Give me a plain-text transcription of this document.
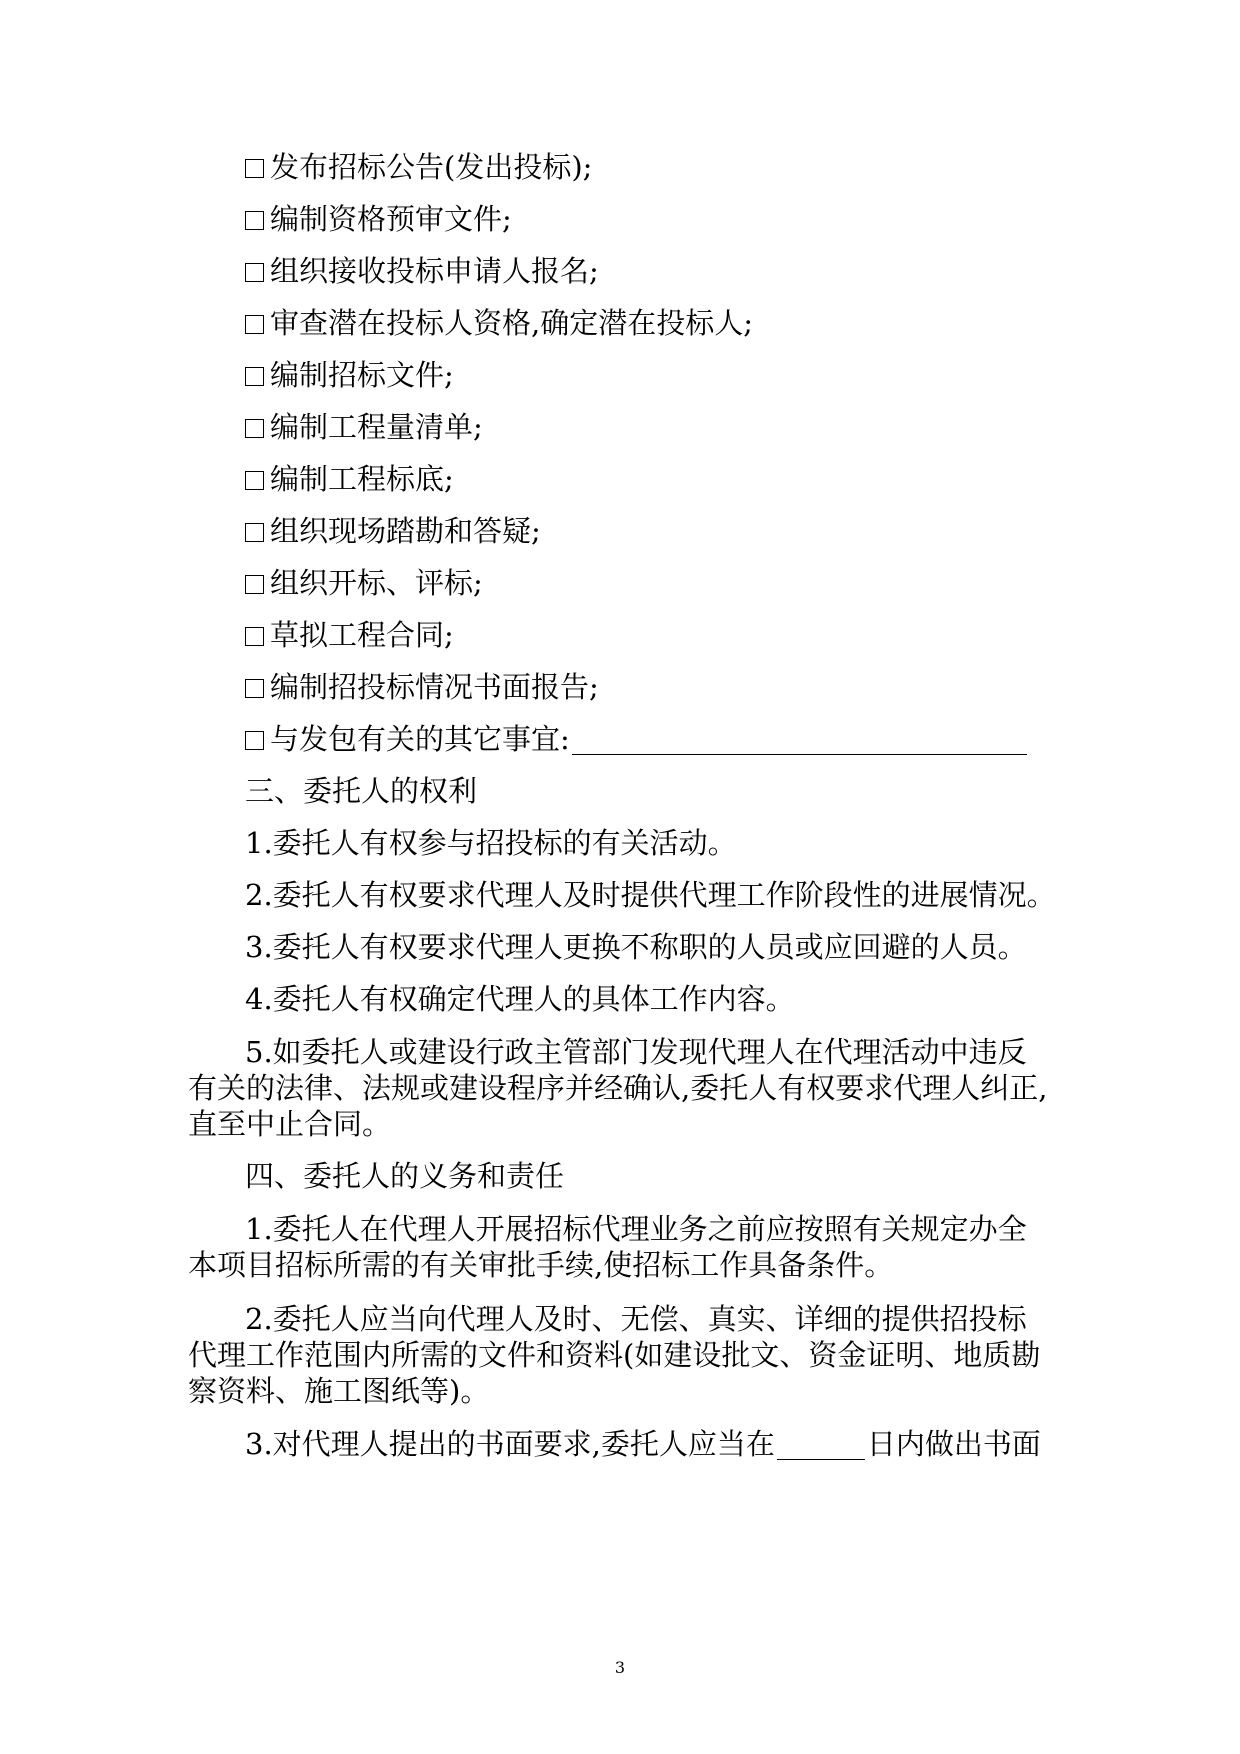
发布招标公告(发出投标);
编制资格预审文件;
组织接收投标申请人报名;
审查潜在投标人资格,确定潜在投标人;
编制招标文件;
编制工程量清单;
编制工程标底;
组织现场踏勘和答疑;
组织开标、评标;
草拟工程合同;
编制招投标情况书面报告;
与发包有关的其它事宜:
三、委托人的权利
1.委托人有权参与招投标的有关活动。
2.委托人有权要求代理人及时提供代理工作阶段性的进展情况。
3.委托人有权要求代理人更换不称职的人员或应回避的人员。
4.委托人有权确定代理人的具体工作内容。
5.如委托人或建设行政主管部门发现代理人在代理活动中违反
有关的法律、法规或建设程序并经确认,委托人有权要求代理人纠正,
直至中止合同。
四、委托人的义务和责任
1.委托人在代理人开展招标代理业务之前应按照有关规定办全
本项目招标所需的有关审批手续,使招标工作具备条件。
2.委托人应当向代理人及时、无偿、真实、详细的提供招投标
代理工作范围内所需的文件和资料(如建设批文、资金证明、地质勘
察资料、施工图纸等)。
3.对代理人提出的书面要求,委托人应当在	日内做出书面
3
